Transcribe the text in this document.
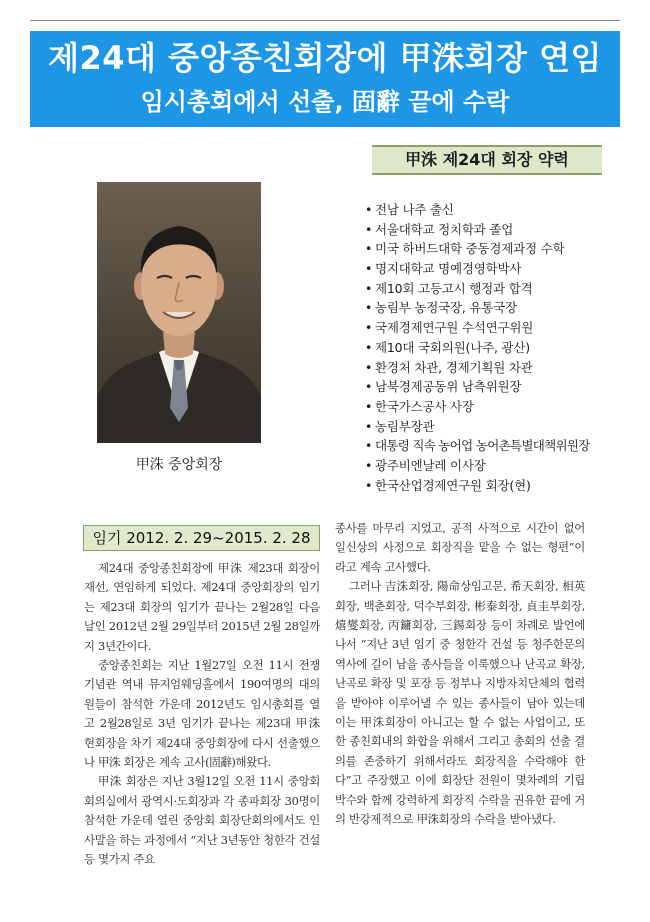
제24대 중앙종친회장에 甲洙회장 연임
임시총회에서 선출, 固辭 끝에 수락
甲洙 중앙회장
甲洙 제24대 회장 약력
• 전남 나주 출신
• 서울대학교 정치학과 졸업
• 미국 하버드대학 중동경제과정 수학
• 명지대학교 명예경영학박사
• 제10회 고등고시 행정과 합격
• 농림부 농정국장, 유통국장
• 국제경제연구원 수석연구위원
• 제10대 국회의원(나주, 광산)
• 환경처 차관, 경제기획원 차관
• 남북경제공동위 남측위원장
• 한국가스공사 사장
• 농림부장관
• 대통령 직속 농어업 농어촌특별대책위원장
• 광주비엔날레 이사장
• 한국산업경제연구원 회장(현)
임기 2012. 2. 29~2015. 2. 28

제24대 중앙종친회장에 甲洙 제23대 회장이 재선, 연임하게 되었다. 제24대 중앙회장의 임기는 제23대 회장의 임기가 끝나는 2월28일 다음날인 2012년 2월 29일부터 2015년 2월 28일까지 3년간이다.

중앙종친회는 지난 1월27일 오전 11시 전쟁기념관 역내 뮤지엄웨딩홀에서 190여명의 대의원들이 참석한 가운데 2012년도 임시총회를 열고 2월28일로 3년 임기가 끝나는 제23대 甲洙 현회장을 차기 제24대 중앙회장에 다시 선출했으나 甲洙 회장은 계속 고사(固辭)해왔다.

甲洙 회장은 지난 3월12일 오전 11시 중앙회 회의실에서 광역시·도회장과 각 종파회장 30명이 참석한 가운데 열린 중앙회 회장단회의에서도 인사말을 하는 과정에서 “지난 3년동안 청한각 건설 등 몇가지 주요

종사를 마무리 지었고, 공적 사적으로 시간이 없어 일신상의 사정으로 회장직을 맡을 수 없는 형편”이라고 계속 고사했다.

그러나 吉洙회장, 陽命상임고문, 希天회장, 相英회장, 백춘회장, 덕수부회장, 彬泰회장, 貞圭부회장, 熺燮회장, 丙鏞회장, 三錫회장 등이 차례로 발언에 나서 “지난 3년 임기 중 청한각 건설 등 청주한문의 역사에 길이 남을 종사들을 이룩했으나 난곡교 확장, 난곡로 확장 및 포장 등 정부나 지방자치단체의 협력을 받아야 이루어낼 수 있는 종사들이 남아 있는데 이는 甲洙회장이 아니고는 할 수 없는 사업이고, 또한 종친회내의 화합을 위해서 그리고 총회의 선출 결의를 존중하기 위해서라도 회장직을 수락해야 한다”고 주장했고 이에 회장단 전원이 몇차례의 기립박수와 함께 강력하게 회장직 수락을 권유한 끝에 거의 반강제적으로 甲洙회장의 수락을 받아냈다.
